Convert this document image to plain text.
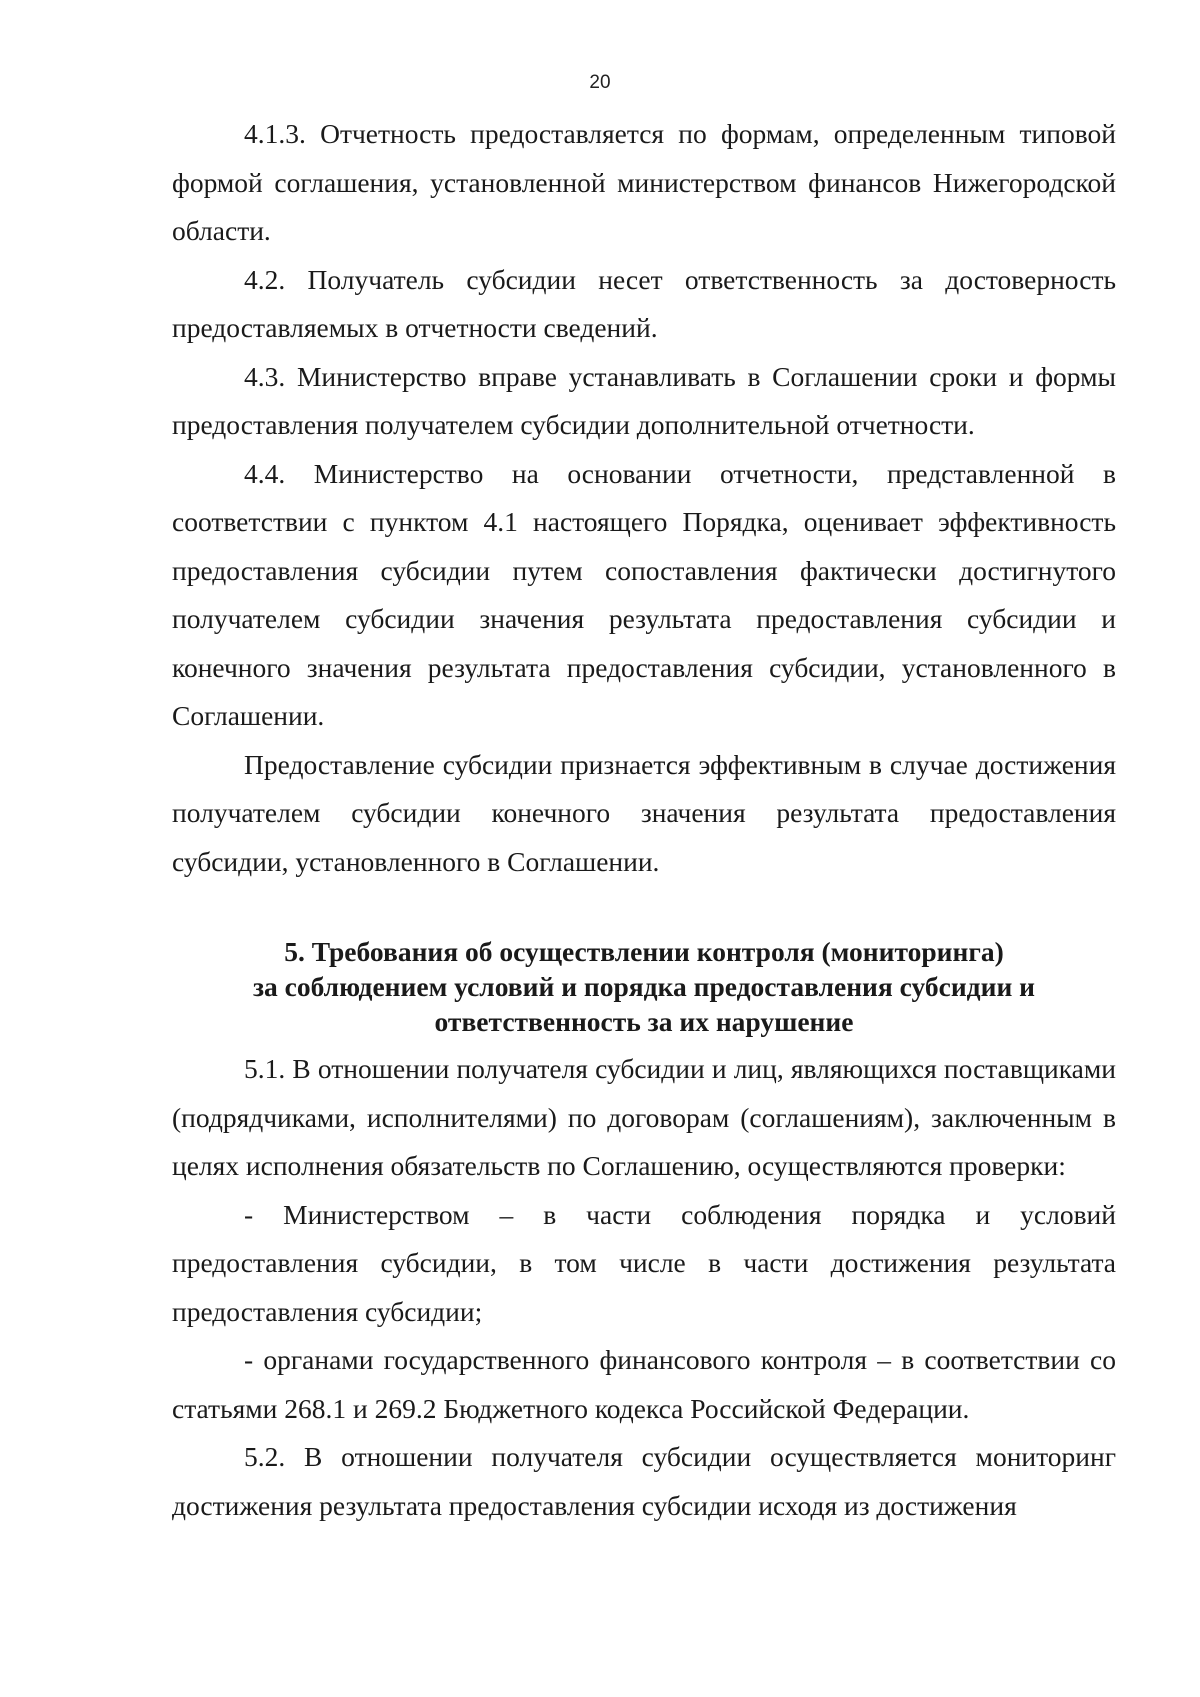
20

4.1.3. Отчетность предоставляется по формам, определенным типовой формой соглашения, установленной министерством финансов Нижегородской области.

4.2. Получатель субсидии несет ответственность за достоверность предоставляемых в отчетности сведений.

4.3. Министерство вправе устанавливать в Соглашении сроки и формы предоставления получателем субсидии дополнительной отчетности.

4.4. Министерство на основании отчетности, представленной в соответствии с пунктом 4.1 настоящего Порядка, оценивает эффективность предоставления субсидии путем сопоставления фактически достигнутого получателем субсидии значения результата предоставления субсидии и конечного значения результата предоставления субсидии, установленного в Соглашении.

Предоставление субсидии признается эффективным в случае достижения получателем субсидии конечного значения результата предоставления субсидии, установленного в Соглашении.

5. Требования об осуществлении контроля (мониторинга)
за соблюдением условий и порядка предоставления субсидии и
ответственность за их нарушение

5.1. В отношении получателя субсидии и лиц, являющихся поставщиками (подрядчиками, исполнителями) по договорам (соглашениям), заключенным в целях исполнения обязательств по Соглашению, осуществляются проверки:

- Министерством – в части соблюдения порядка и условий предоставления субсидии, в том числе в части достижения результата предоставления субсидии;

- органами государственного финансового контроля – в соответствии со статьями 268.1 и 269.2 Бюджетного кодекса Российской Федерации.

5.2. В отношении получателя субсидии осуществляется мониторинг достижения результата предоставления субсидии исходя из достижения
